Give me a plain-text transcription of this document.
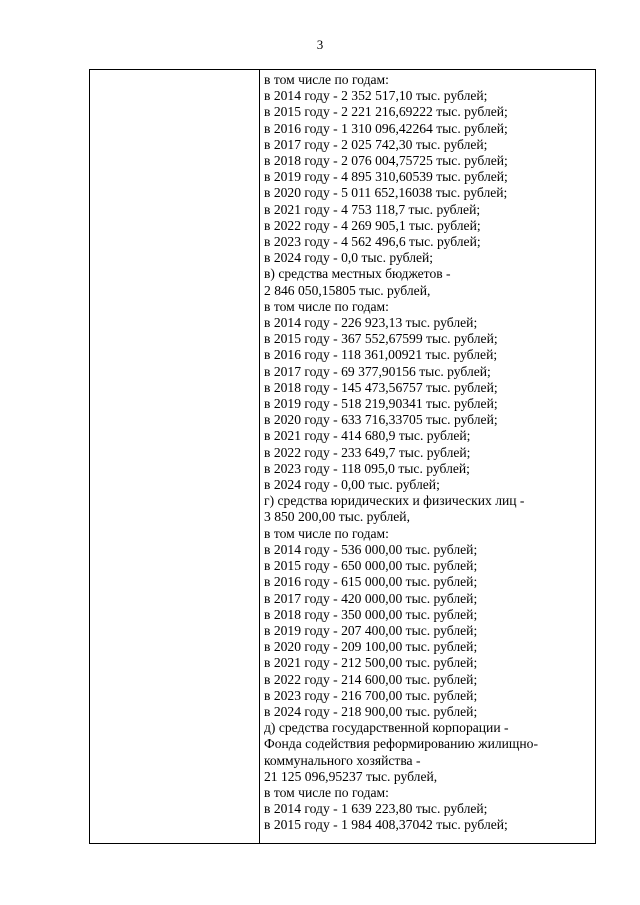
3
в том числе по годам:
в 2014 году - 2 352 517,10 тыс. рублей;
в 2015 году - 2 221 216,69222 тыс. рублей;
в 2016 году - 1 310 096,42264 тыс. рублей;
в 2017 году - 2 025 742,30 тыс. рублей;
в 2018 году - 2 076 004,75725 тыс. рублей;
в 2019 году - 4 895 310,60539 тыс. рублей;
в 2020 году - 5 011 652,16038 тыс. рублей;
в 2021 году - 4 753 118,7 тыс. рублей;
в 2022 году - 4 269 905,1 тыс. рублей;
в 2023 году - 4 562 496,6 тыс. рублей;
в 2024 году - 0,0 тыс. рублей;
в) средства местных бюджетов -
2 846 050,15805 тыс. рублей,
в том числе по годам:
в 2014 году - 226 923,13 тыс. рублей;
в 2015 году - 367 552,67599 тыс. рублей;
в 2016 году - 118 361,00921 тыс. рублей;
в 2017 году - 69 377,90156 тыс. рублей;
в 2018 году - 145 473,56757 тыс. рублей;
в 2019 году - 518 219,90341 тыс. рублей;
в 2020 году - 633 716,33705 тыс. рублей;
в 2021 году - 414 680,9 тыс. рублей;
в 2022 году - 233 649,7 тыс. рублей;
в 2023 году - 118 095,0 тыс. рублей;
в 2024 году - 0,00 тыс. рублей;
г) средства юридических и физических лиц -
3 850 200,00 тыс. рублей,
в том числе по годам:
в 2014 году - 536 000,00 тыс. рублей;
в 2015 году - 650 000,00 тыс. рублей;
в 2016 году - 615 000,00 тыс. рублей;
в 2017 году - 420 000,00 тыс. рублей;
в 2018 году - 350 000,00 тыс. рублей;
в 2019 году - 207 400,00 тыс. рублей;
в 2020 году - 209 100,00 тыс. рублей;
в 2021 году - 212 500,00 тыс. рублей;
в 2022 году - 214 600,00 тыс. рублей;
в 2023 году - 216 700,00 тыс. рублей;
в 2024 году - 218 900,00 тыс. рублей;
д) средства государственной корпорации -
Фонда содействия реформированию жилищно-
коммунального хозяйства -
21 125 096,95237 тыс. рублей,
в том числе по годам:
в 2014 году - 1 639 223,80 тыс. рублей;
в 2015 году - 1 984 408,37042 тыс. рублей;
